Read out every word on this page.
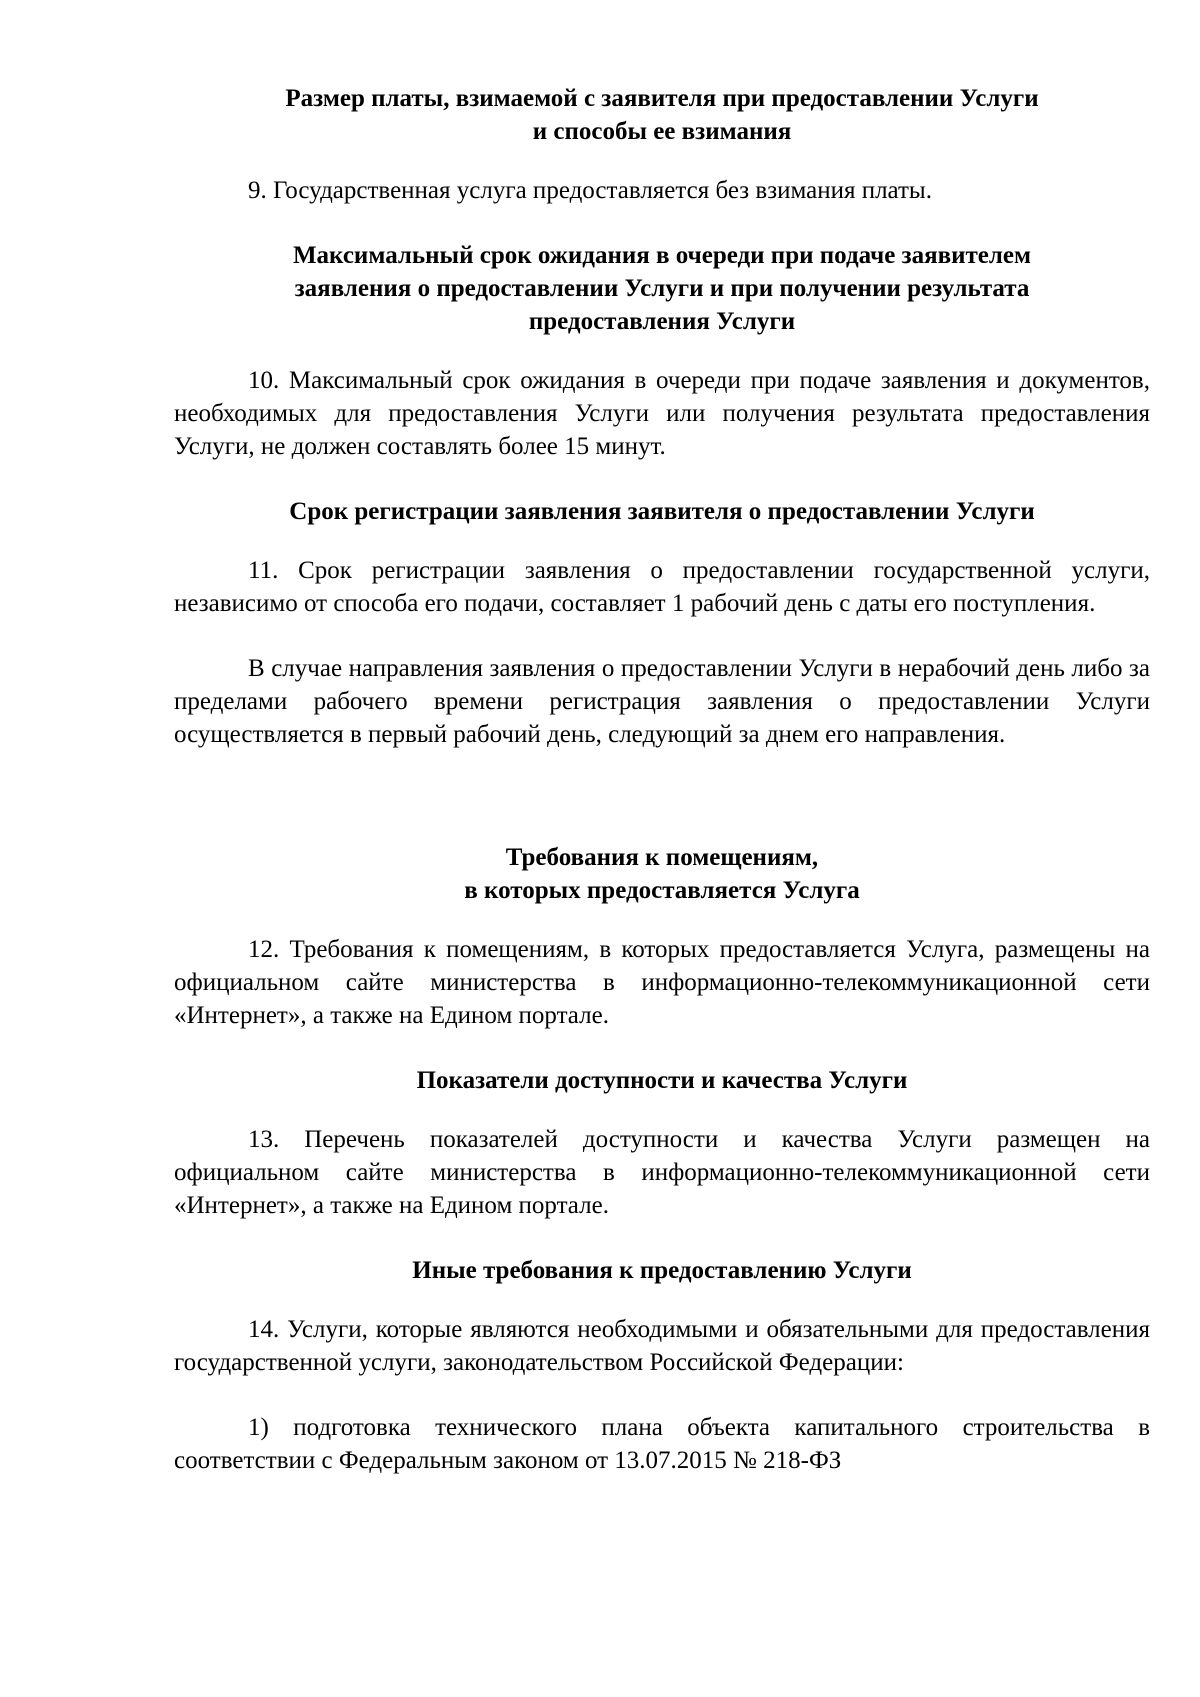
Размер платы, взимаемой с заявителя при предоставлении Услуги
и способы ее взимания

9. Государственная услуга предоставляется без взимания платы.

Максимальный срок ожидания в очереди при подаче заявителем
заявления о предоставлении Услуги и при получении результата
предоставления Услуги

10. Максимальный срок ожидания в очереди при подаче заявления и документов, необходимых для предоставления Услуги или получения результата предоставления Услуги, не должен составлять более 15 минут.

Срок регистрации заявления заявителя о предоставлении Услуги

11. Срок регистрации заявления о предоставлении государственной услуги, независимо от способа его подачи, составляет 1 рабочий день с даты его поступления.

В случае направления заявления о предоставлении Услуги в нерабочий день либо за пределами рабочего времени регистрация заявления о предоставлении Услуги осуществляется в первый рабочий день, следующий за днем его направления.

Требования к помещениям,
в которых предоставляется Услуга

12. Требования к помещениям, в которых предоставляется Услуга, размещены на официальном сайте министерства в информационно-телекоммуникационной сети «Интернет», а также на Едином портале.

Показатели доступности и качества Услуги

13. Перечень показателей доступности и качества Услуги размещен на официальном сайте министерства в информационно-телекоммуникационной сети «Интернет», а также на Едином портале.

Иные требования к предоставлению Услуги

14. Услуги, которые являются необходимыми и обязательными для предоставления государственной услуги, законодательством Российской Федерации:

1) подготовка технического плана объекта капитального строительства в соответствии с Федеральным законом от 13.07.2015 № 218-ФЗ
